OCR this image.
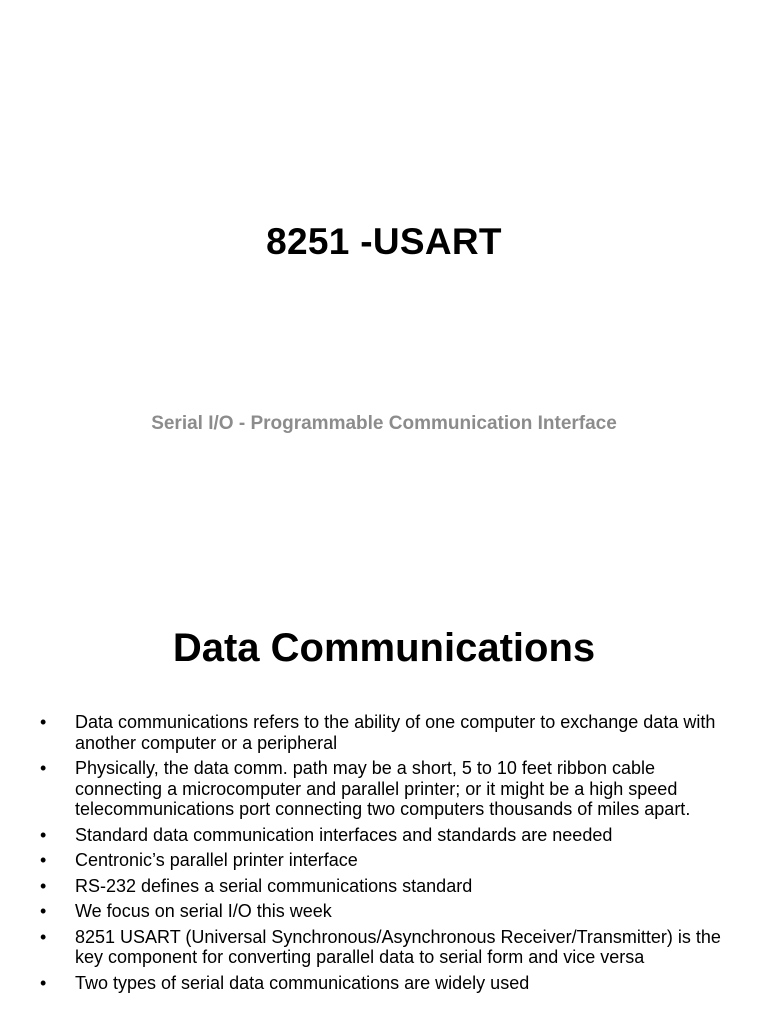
8251 -USART
Serial I/O - Programmable Communication Interface
Data Communications
•	Data communications refers to the ability of one computer to exchange data with another computer or a peripheral
•	Physically, the data comm. path may be a short, 5 to 10 feet ribbon cable connecting a microcomputer and parallel printer; or it might be a high speed telecommunications port connecting two computers thousands of miles apart.
•	Standard data communication interfaces and standards are needed
•	Centronic’s parallel printer interface
•	RS-232 defines a serial communications standard
•	We focus on serial I/O this week
•	8251 USART (Universal Synchronous/Asynchronous Receiver/Transmitter) is the key component for converting parallel data to serial form and vice versa
•	Two types of serial data communications are widely used
